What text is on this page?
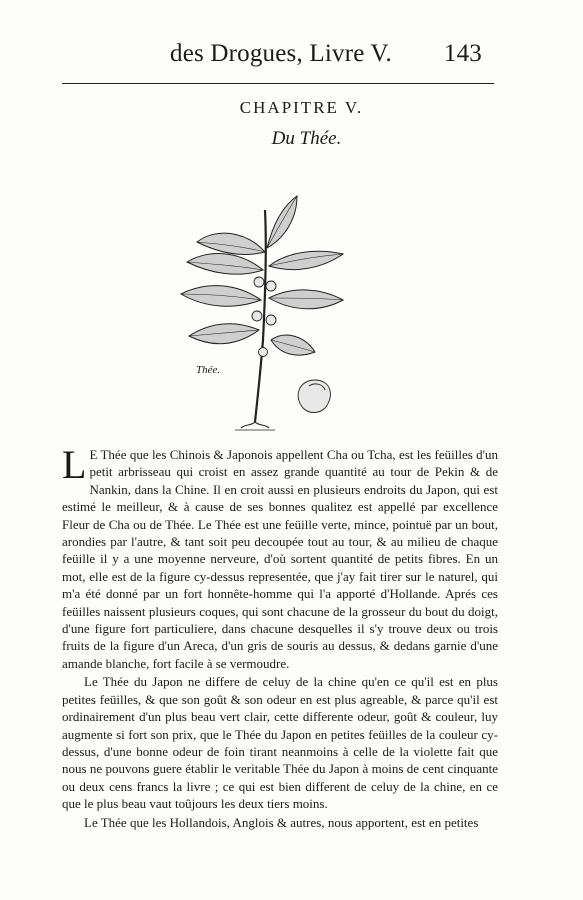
des Drogues, Livre V. 143
CHAPITRE V.
Du Thée.
Thée.

L E Thée que les Chinois & Japonois appellent Cha ou Tcha, est les feüilles d'un petit arbrisseau qui croist en assez grande quantité au tour de Pekin & de Nankin, dans la Chine. Il en croit aussi en plusieurs endroits du Japon, qui est estimé le meilleur, & à cause de ses bonnes qualitez est appellé par excellence Fleur de Cha ou de Thée. Le Thée est une feüille verte, mince, pointuë par un bout, arondies par l'autre, & tant soit peu decoupée tout au tour, & au milieu de chaque feüille il y a une moyenne nerveure, d'où sortent quantité de petits fibres. En un mot, elle est de la figure cy-dessus representée, que j'ay fait tirer sur le naturel, qui m'a été donné par un fort honnête-homme qui l'a apporté d'Hollande. Aprés ces feüilles naissent plusieurs coques, qui sont chacune de la grosseur du bout du doigt, d'une figure fort particuliere, dans chacune desquelles il s'y trouve deux ou trois fruits de la figure d'un Areca, d'un gris de souris au dessus, & dedans garnie d'une amande blanche, fort facile à se vermoudre.

Le Thée du Japon ne differe de celuy de la chine qu'en ce qu'il est en plus petites feüilles, & que son goût & son odeur en est plus agreable, & parce qu'il est ordinairement d'un plus beau vert clair, cette differente odeur, goût & couleur, luy augmente si fort son prix, que le Thée du Japon en petites feüilles de la couleur cy-dessus, d'une bonne odeur de foin tirant neanmoins à celle de la violette fait que nous ne pouvons guere établir le veritable Thée du Japon à moins de cent cinquante ou deux cens francs la livre ; ce qui est bien different de celuy de la chine, en ce que le plus beau vaut toûjours les deux tiers moins.

Le Thée que les Hollandois, Anglois & autres, nous apportent, est en petites
